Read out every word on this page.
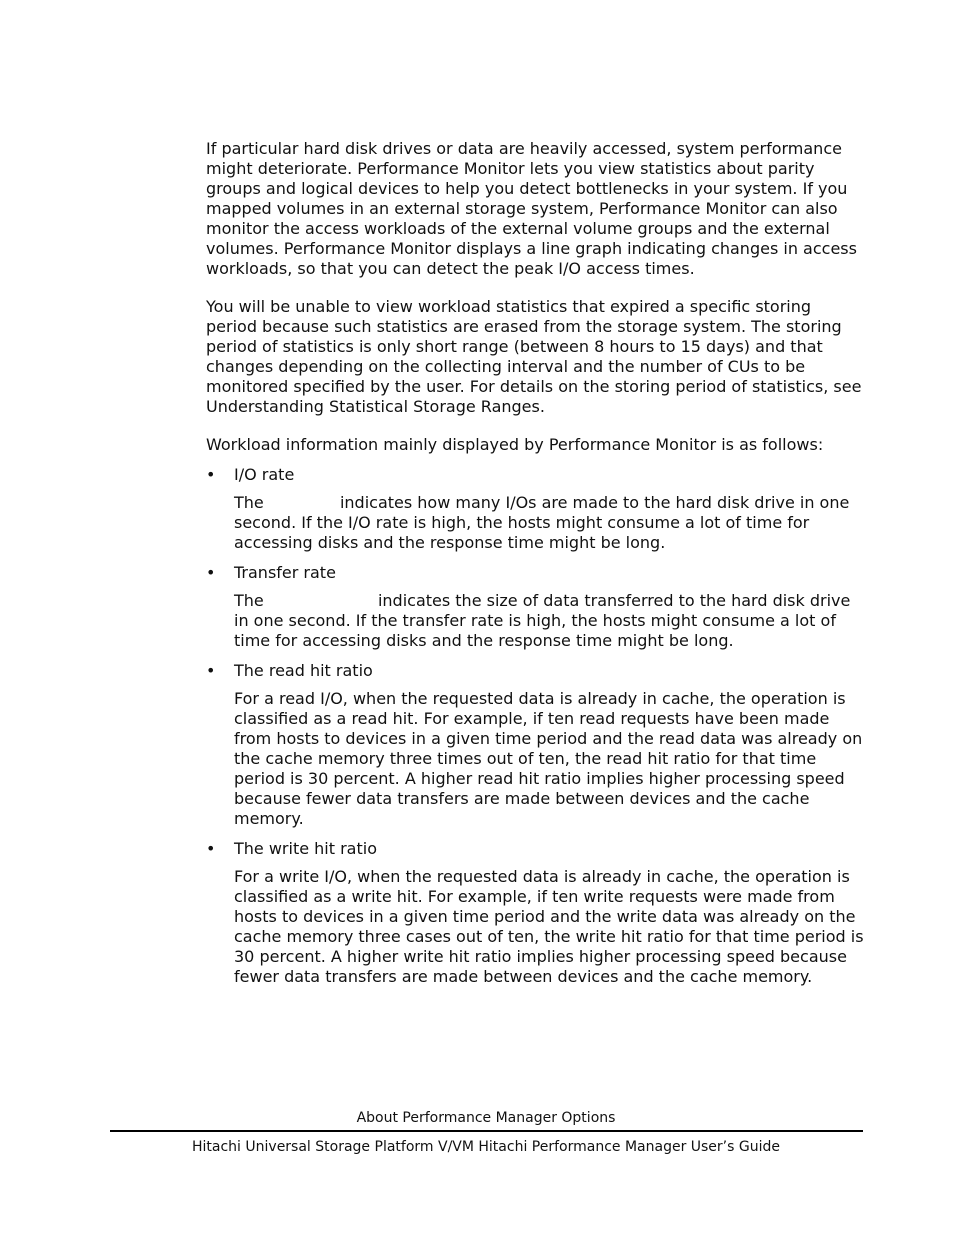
If particular hard disk drives or data are heavily accessed, system performance might deteriorate. Performance Monitor lets you view statistics about parity groups and logical devices to help you detect bottlenecks in your system. If you mapped volumes in an external storage system, Performance Monitor can also monitor the access workloads of the external volume groups and the external volumes. Performance Monitor displays a line graph indicating changes in access workloads, so that you can detect the peak I/O access times.

You will be unable to view workload statistics that expired a specific storing period because such statistics are erased from the storage system. The storing period of statistics is only short range (between 8 hours to 15 days) and that changes depending on the collecting interval and the number of CUs to be monitored specified by the user. For details on the storing period of statistics, see Understanding Statistical Storage Ranges.

Workload information mainly displayed by Performance Monitor is as follows:

• I/O rate

The	indicates how many I/Os are made to the hard disk drive in one second. If the I/O rate is high, the hosts might consume a lot of time for accessing disks and the response time might be long.

• Transfer rate

The	indicates the size of data transferred to the hard disk drive in one second. If the transfer rate is high, the hosts might consume a lot of time for accessing disks and the response time might be long.

• The read hit ratio

For a read I/O, when the requested data is already in cache, the operation is classified as a read hit. For example, if ten read requests have been made from hosts to devices in a given time period and the read data was already on the cache memory three times out of ten, the read hit ratio for that time period is 30 percent. A higher read hit ratio implies higher processing speed because fewer data transfers are made between devices and the cache memory.

• The write hit ratio

For a write I/O, when the requested data is already in cache, the operation is classified as a write hit. For example, if ten write requests were made from hosts to devices in a given time period and the write data was already on the cache memory three cases out of ten, the write hit ratio for that time period is 30 percent. A higher write hit ratio implies higher processing speed because fewer data transfers are made between devices and the cache memory.

About Performance Manager Options
Hitachi Universal Storage Platform V/VM Hitachi Performance Manager User’s Guide
